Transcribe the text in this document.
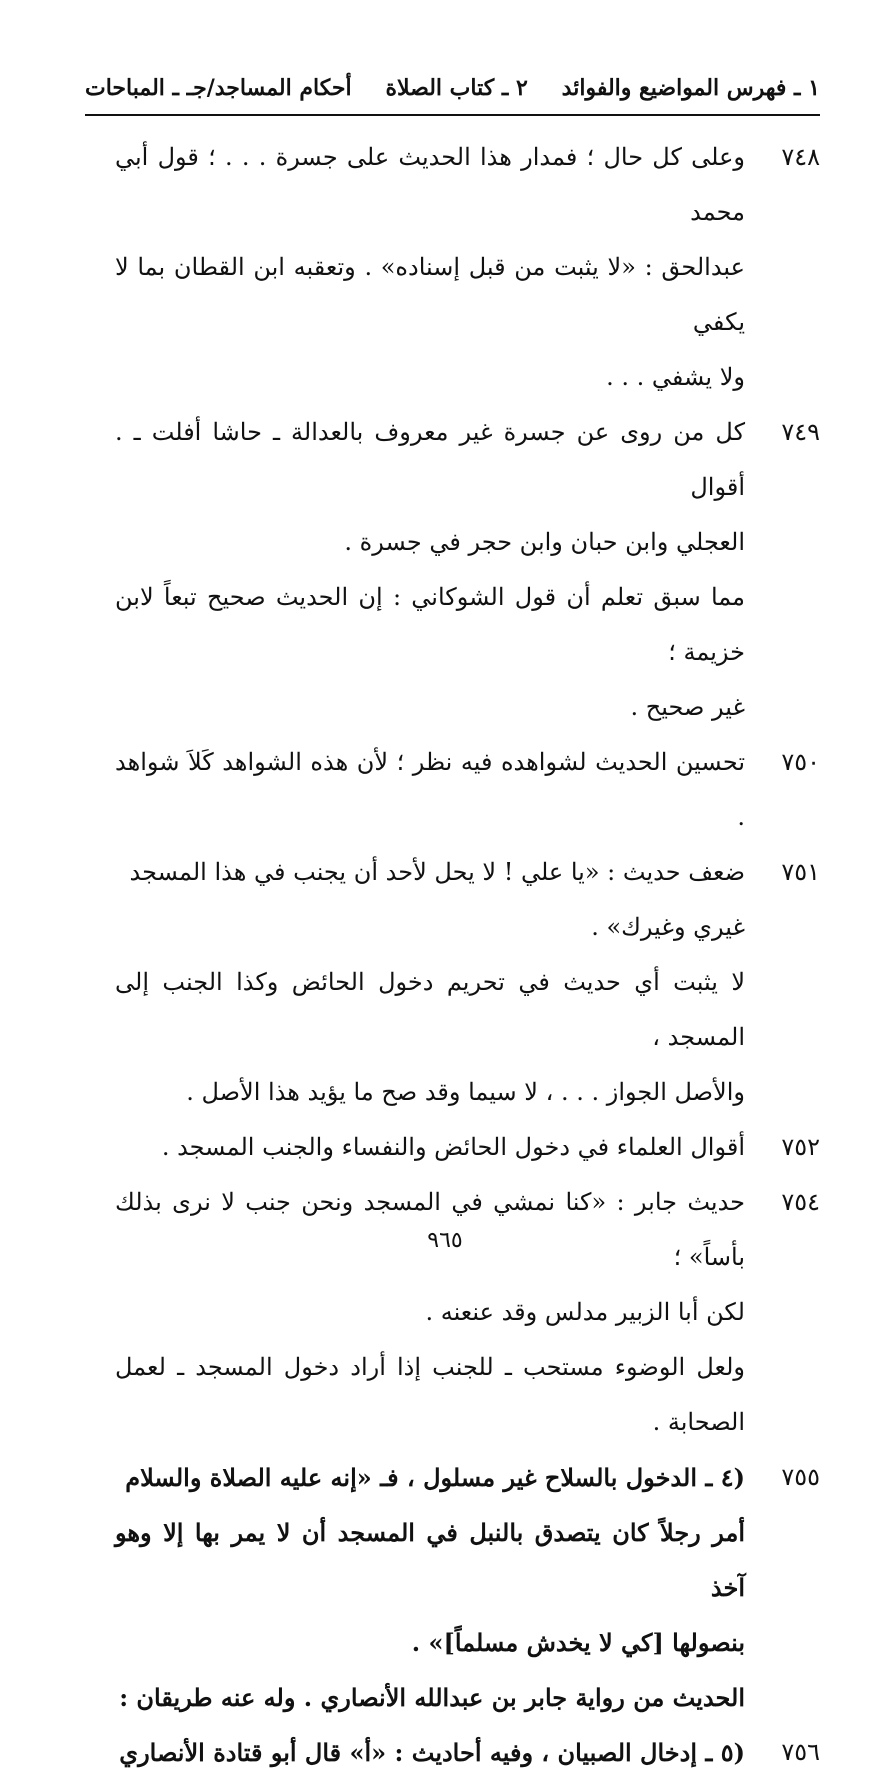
١ ـ فهرس المواضيع والفوائد
٢ ـ كتاب الصلاة
أحكام المساجد/جـ ـ المباحات
٧٤٨

وعلى كل حال ؛ فمدار هذا الحديث على جسرة . . . ؛ قول أبي محمد

عبدالحق : «لا يثبت من قبل إسناده» . وتعقبه ابن القطان بما لا يكفي

ولا يشفي . . .

٧٤٩

كل من روى عن جسرة غير معروف بالعدالة ـ حاشا أفلت ـ . أقوال

العجلي وابن حبان وابن حجر في جسرة .

مما سبق تعلم أن قول الشوكاني : إن الحديث صحيح تبعاً لابن خزيمة ؛

غير صحيح .

٧٥٠

تحسين الحديث لشواهده فيه نظر ؛ لأن هذه الشواهد كَلاَ شواهد .

٧٥١

ضعف حديث : «يا علي ! لا يحل لأحد أن يجنب في هذا المسجد

غيري وغيرك» .

لا يثبت أي حديث في تحريم دخول الحائض وكذا الجنب إلى المسجد ،

والأصل الجواز . . . ، لا سيما وقد صح ما يؤيد هذا الأصل .

٧٥٢

أقوال العلماء في دخول الحائض والنفساء والجنب المسجد .

٧٥٤

حديث جابر : «كنا نمشي في المسجد ونحن جنب لا نرى بذلك بأساً» ؛

لكن أبا الزبير مدلس وقد عنعنه .

ولعل الوضوء مستحب ـ للجنب إذا أراد دخول المسجد ـ لعمل الصحابة .

٧٥٥

(٤ ـ الدخول بالسلاح غير مسلول ، فـ «إنه عليه الصلاة والسلام

أمر رجلاً كان يتصدق بالنبل في المسجد أن لا يمر بها إلا وهو آخذ

بنصولها [كي لا يخدش مسلماً]» .

الحديث من رواية جابر بن عبدالله الأنصاري . وله عنه طريقان :

٧٥٦

(٥ ـ إدخال الصبيان ، وفيه أحاديث : «أ» قال أبو قتادة الأنصاري

٩٦٥
